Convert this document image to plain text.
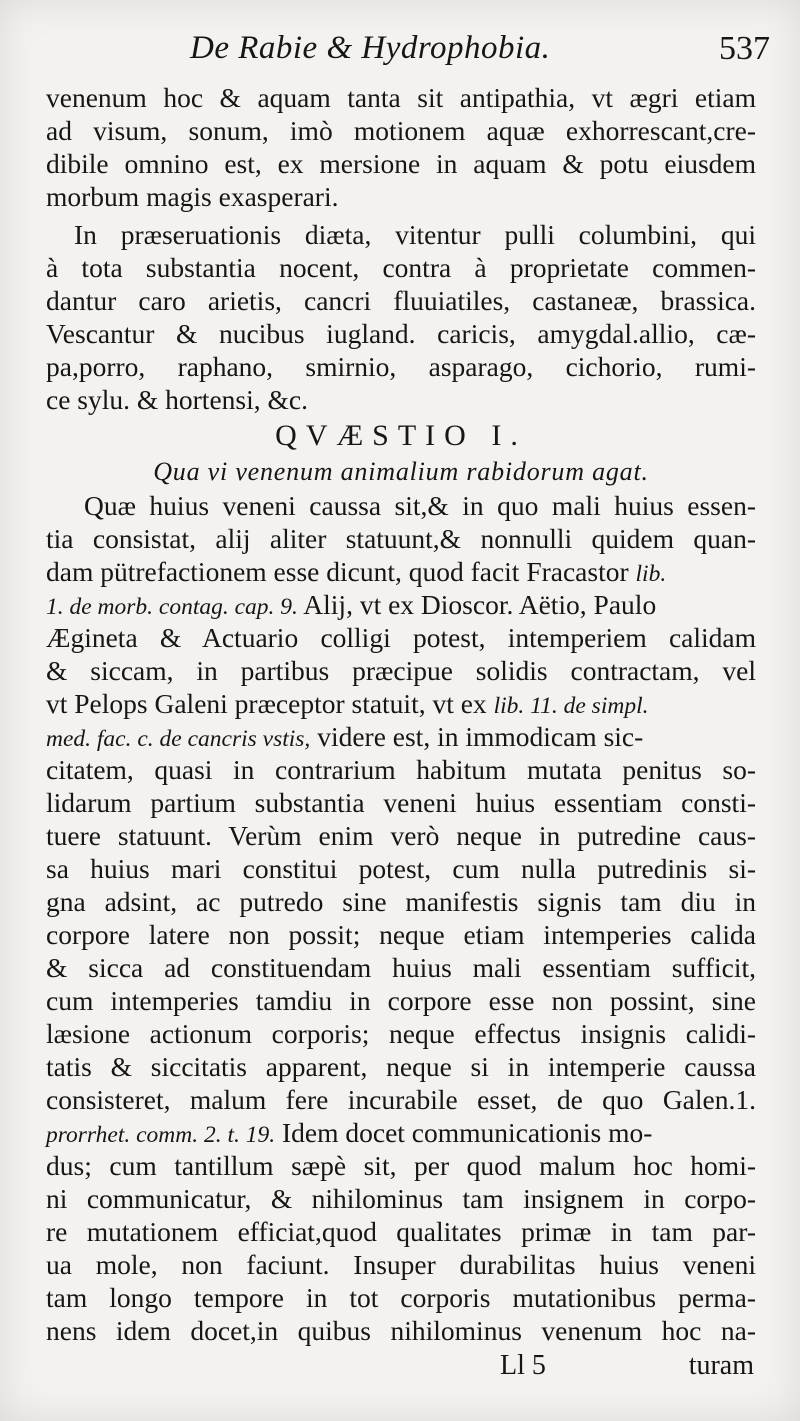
De Rabie & Hydrophobia.	537
venenum hoc & aquam tanta sit antipathia, vt ægri etiam
ad visum, sonum, imò motionem aquæ exhorrescant,cre-
dibile omnino est, ex mersione in aquam & potu eiusdem
morbum magis exasperari.
In præseruationis diæta, vitentur pulli columbini, qui
à tota substantia nocent, contra à proprietate commen-
dantur caro arietis, cancri fluuiatiles, castaneæ, brassica.
Vescantur & nucibus iugland. caricis, amygdal.allio, cæ-
pa,porro, raphano, smirnio, asparago, cichorio, rumi-
ce sylu. & hortensi, &c.
QVÆSTIO I.
Qua vi venenum animalium rabidorum agat.
Quæ huius veneni caussa sit,& in quo mali huius essen-
tia consistat, alij aliter statuunt,& nonnulli quidem quan-
dam pütrefactionem esse dicunt, quod facit Fracastor lib.
1. de morb. contag. cap. 9. Alij, vt ex Dioscor. Aëtio, Paulo
Ægineta & Actuario colligi potest, intemperiem calidam
& siccam, in partibus præcipue solidis contractam, vel
vt Pelops Galeni præceptor statuit, vt ex lib. 11. de simpl.
med. fac. c. de cancris vstis, videre est, in immodicam sic-
citatem, quasi in contrarium habitum mutata penitus so-
lidarum partium substantia veneni huius essentiam consti-
tuere statuunt. Verùm enim verò neque in putredine caus-
sa huius mari constitui potest, cum nulla putredinis si-
gna adsint, ac putredo sine manifestis signis tam diu in
corpore latere non possit; neque etiam intemperies calida
& sicca ad constituendam huius mali essentiam sufficit,
cum intemperies tamdiu in corpore esse non possint, sine
læsione actionum corporis; neque effectus insignis calidi-
tatis & siccitatis apparent, neque si in intemperie caussa
consisteret, malum fere incurabile esset, de quo Galen.1.
prorrhet. comm. 2. t. 19. Idem docet communicationis mo-
dus; cum tantillum sæpè sit, per quod malum hoc homi-
ni communicatur, & nihilominus tam insignem in corpo-
re mutationem efficiat,quod qualitates primæ in tam par-
ua mole, non faciunt. Insuper durabilitas huius veneni
tam longo tempore in tot corporis mutationibus perma-
nens idem docet,in quibus nihilominus venenum hoc na-
Ll 5	turam
